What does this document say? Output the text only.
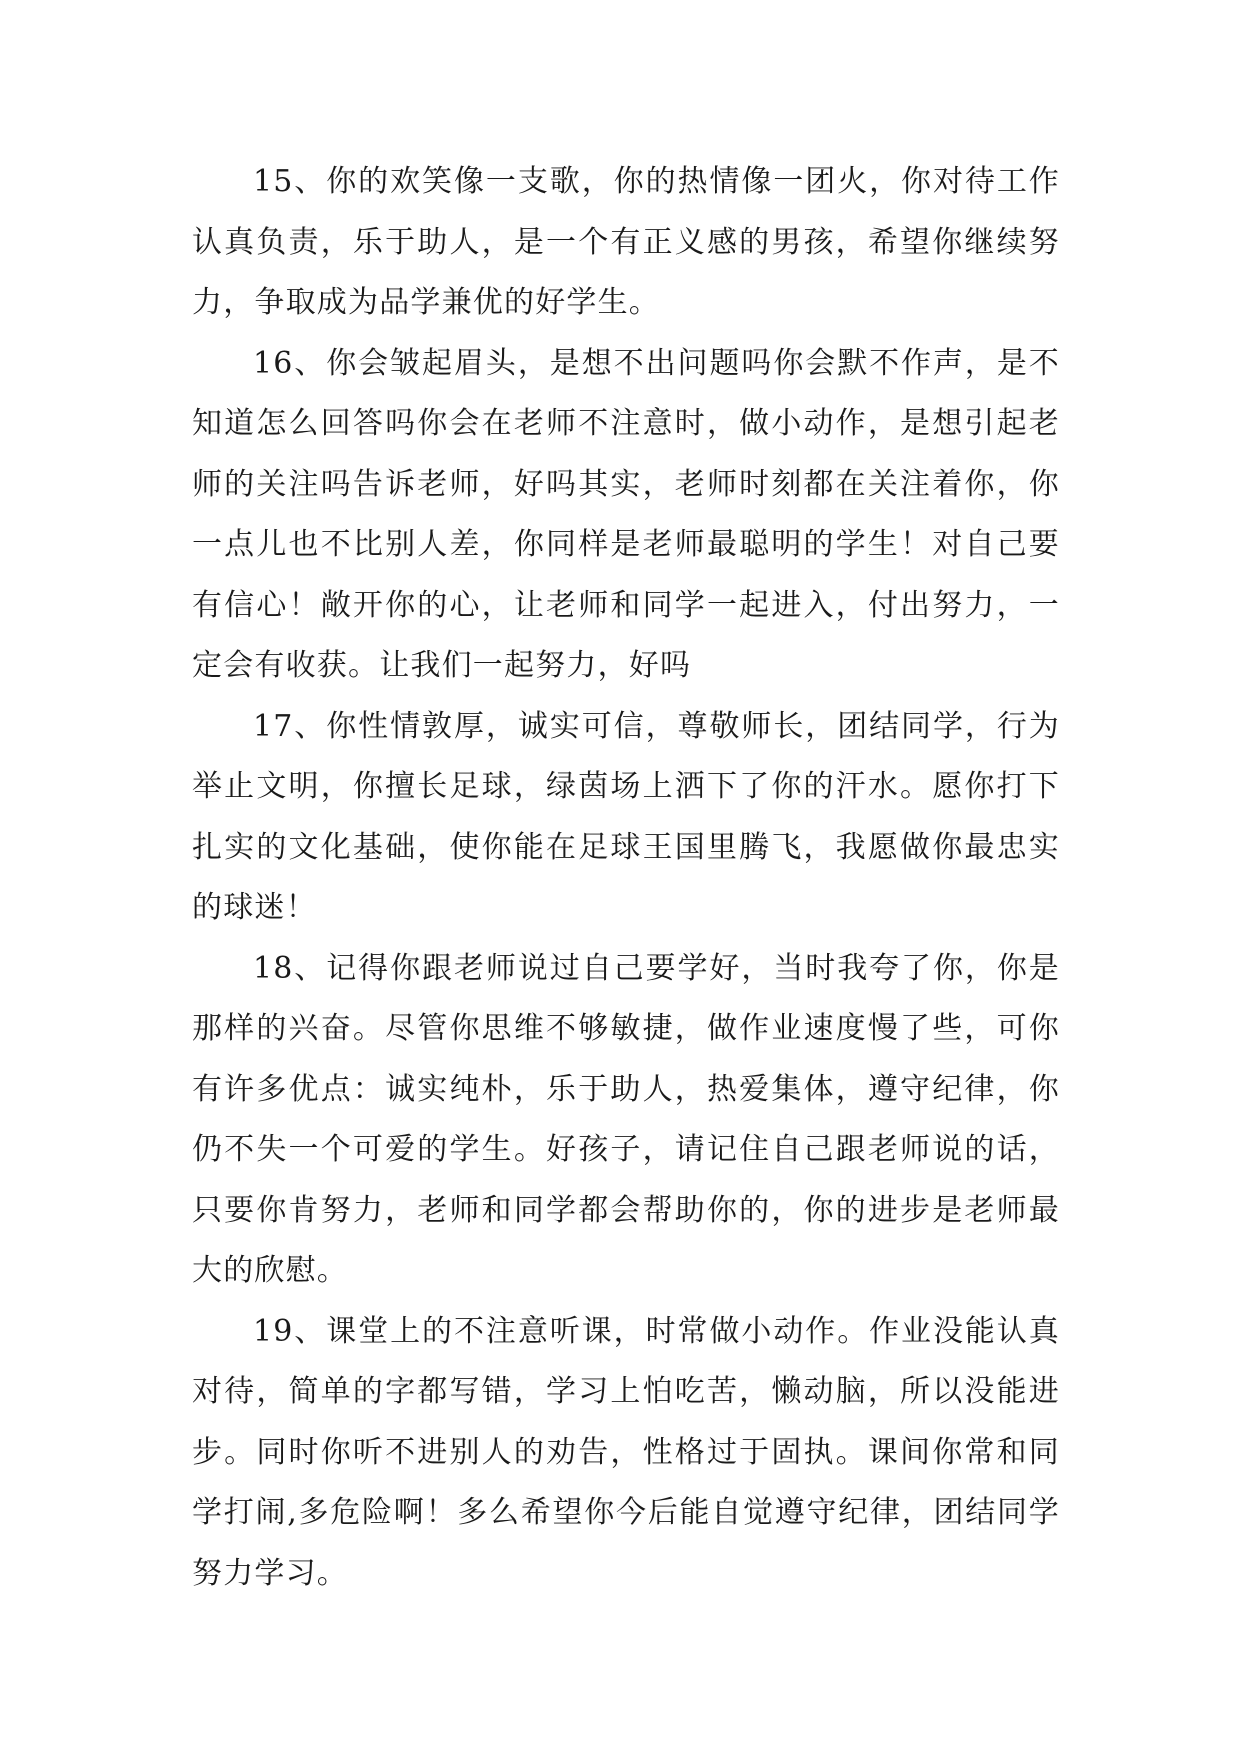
15、你的欢笑像一支歌，你的热情像一团火，你对待工作认真负责，乐于助人，是一个有正义感的男孩，希望你继续努力，争取成为品学兼优的好学生。

16、你会皱起眉头，是想不出问题吗你会默不作声，是不知道怎么回答吗你会在老师不注意时，做小动作，是想引起老师的关注吗告诉老师，好吗其实，老师时刻都在关注着你，你一点儿也不比别人差，你同样是老师最聪明的学生！对自己要有信心！敞开你的心，让老师和同学一起进入，付出努力，一定会有收获。让我们一起努力，好吗

17、你性情敦厚，诚实可信，尊敬师长，团结同学，行为举止文明，你擅长足球，绿茵场上洒下了你的汗水。愿你打下扎实的文化基础，使你能在足球王国里腾飞，我愿做你最忠实的球迷！

18、记得你跟老师说过自己要学好，当时我夸了你，你是那样的兴奋。尽管你思维不够敏捷，做作业速度慢了些，可你有许多优点：诚实纯朴，乐于助人，热爱集体，遵守纪律，你仍不失一个可爱的学生。好孩子，请记住自己跟老师说的话，只要你肯努力，老师和同学都会帮助你的，你的进步是老师最大的欣慰。

19、课堂上的不注意听课，时常做小动作。作业没能认真对待，简单的字都写错，学习上怕吃苦，懒动脑，所以没能进步。同时你听不进别人的劝告，性格过于固执。课间你常和同学打闹,多危险啊！多么希望你今后能自觉遵守纪律，团结同学努力学习。
